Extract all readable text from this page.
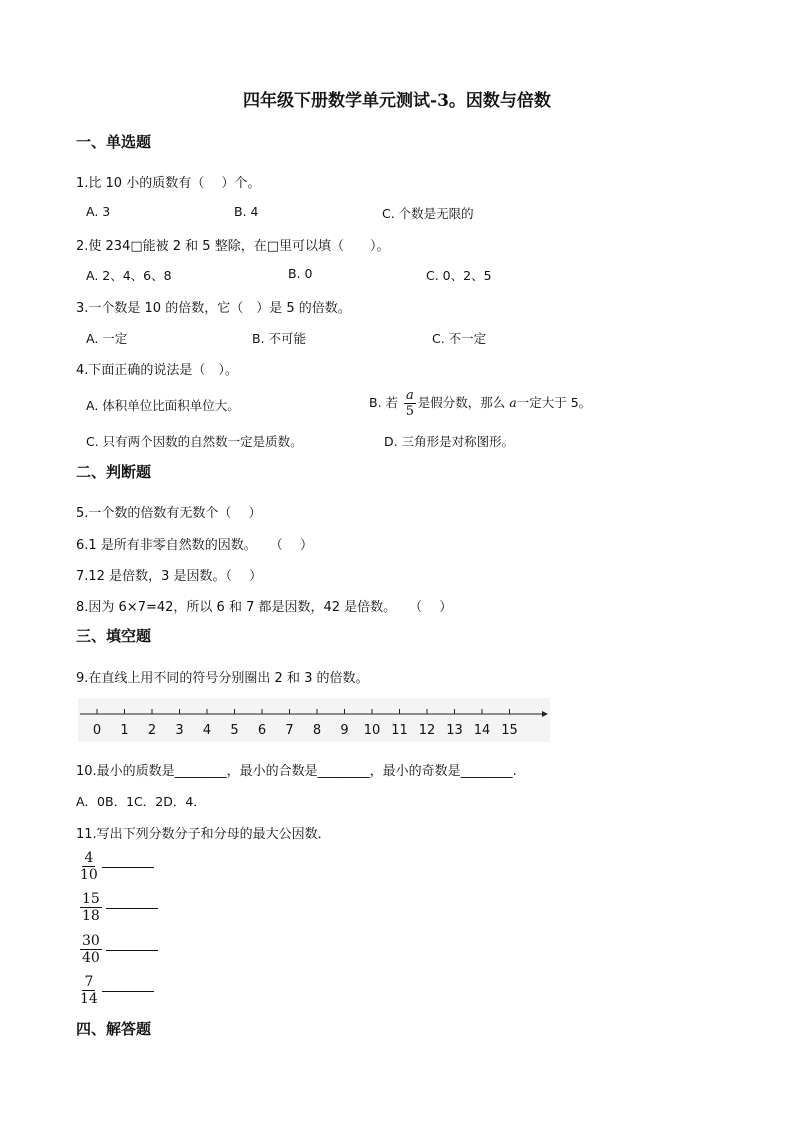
四年级下册数学单元测试-3。因数与倍数
一、单选题
1.比 10 小的质数有（　 ）个。
A. 3	B. 4	C. 个数是无限的
2.使 234□能被 2 和 5 整除，在□里可以填（　　）。
A. 2、4、6、8	B. 0	C. 0、2、5
3.一个数是 10 的倍数，它（　）是 5 的倍数。
A. 一定	B. 不可能	C. 不一定
4.下面正确的说法是（　）。
A. 体积单位比面积单位大。	B. 若 $\frac{a}{5}$ 是假分数，那么 a一定大于 5。
C. 只有两个因数的自然数一定是质数。	D. 三角形是对称图形。
二、判断题
5.一个数的倍数有无数个（　 ）
6.1 是所有非零自然数的因数。　　（　 ）
7.12 是倍数，3 是因数。（　 ）
8.因为 6×7=42，所以 6 和 7 都是因数，42 是倍数。　　（　 ）
三、填空题
9.在直线上用不同的符号分别圈出 2 和 3 的倍数。
0 1 2 3 4 5 6 7 8 9 10 11 12 13 14 15
10.最小的质数是________，最小的合数是________，最小的奇数是________.
A．0B．1C．2D．4．
11.写出下列分数分子和分母的最大公因数．
$\frac{4}{10}$
$\frac{15}{18}$
$\frac{30}{40}$
$\frac{7}{14}$
四、解答题
